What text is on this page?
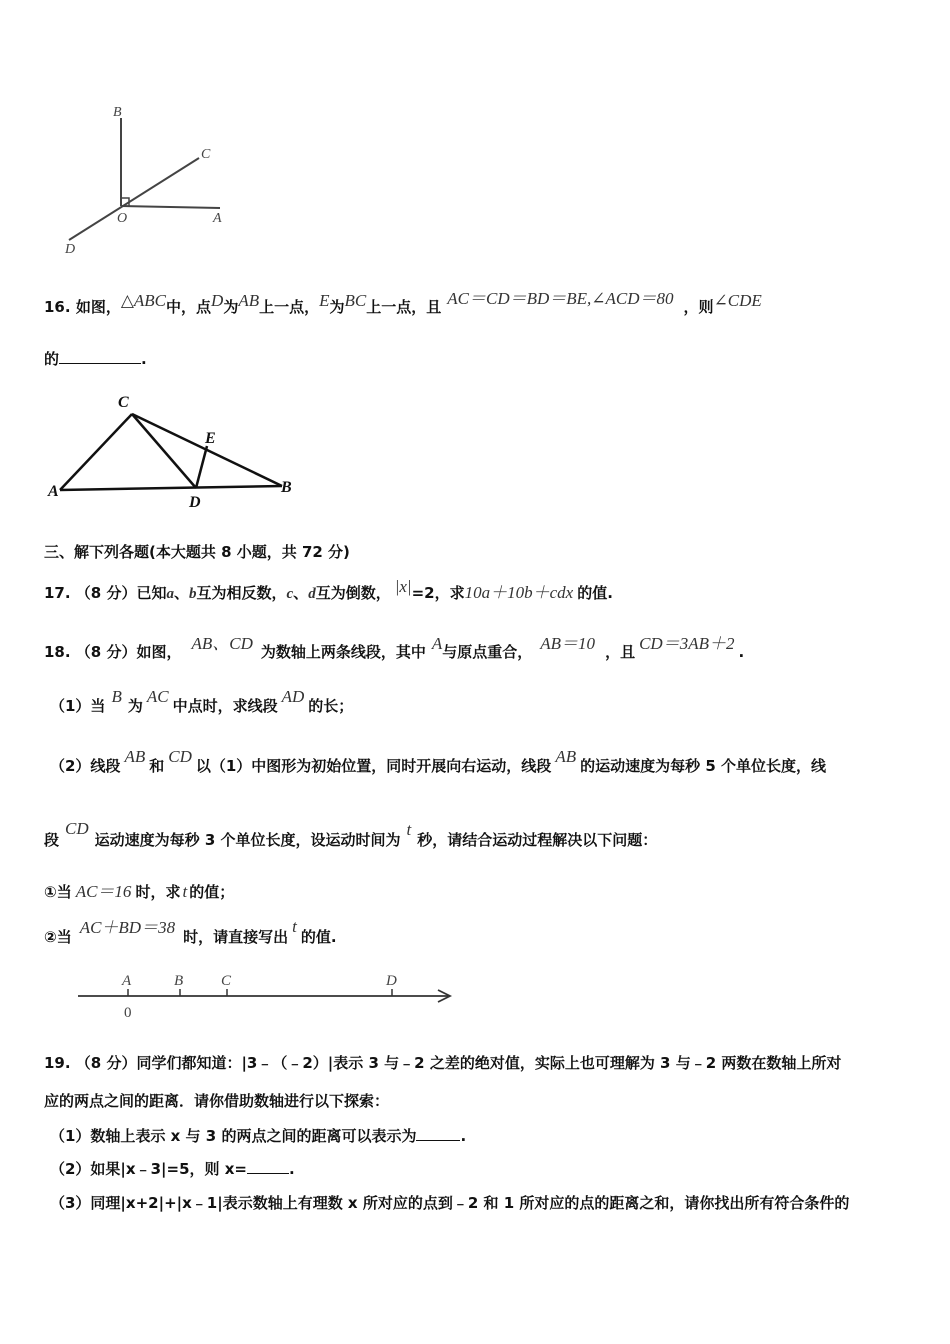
B
C
O	A
D
16. 如图，△ABC中，点D为AB上一点，E为BC上一点，且 AC＝CD＝BD＝BE,∠ACD＝80 ，则∠CDE
的	.
C
E
A
D
B
三、解下列各题(本大题共 8 小题，共 72 分)
17. （8 分）已知a、b互为相反数，c、d互为倒数， |x|=2，求10a＋10b＋cdx 的值.
18. （8 分）如图， AB、CD 为数轴上两条线段，其中 A与原点重合， AB＝10 ，且 CD＝3AB＋2 .
（1）当 B 为 AC 中点时，求线段 AD 的长；
（2）线段 AB 和 CD 以（1）中图形为初始位置，同时开展向右运动，线段 AB 的运动速度为每秒 5 个单位长度，线
段CD运动速度为每秒 3 个单位长度，设运动时间为t秒，请结合运动过程解决以下问题：
①当 AC＝16 时，求 t 的值；
②当 AC＋BD＝38 时，请直接写出t的值.
A	B	C	D
0
19. （8 分）同学们都知道：|3﹣（﹣2）|表示 3 与﹣2 之差的绝对值，实际上也可理解为 3 与﹣2 两数在数轴上所对
应的两点之间的距离．请你借助数轴进行以下探索：
（1）数轴上表示 x 与 3 的两点之间的距离可以表示为	.
（2）如果|x﹣3|=5，则 x=	.
（3）同理|x+2|+|x﹣1|表示数轴上有理数 x 所对应的点到﹣2 和 1 所对应的点的距离之和，请你找出所有符合条件的
